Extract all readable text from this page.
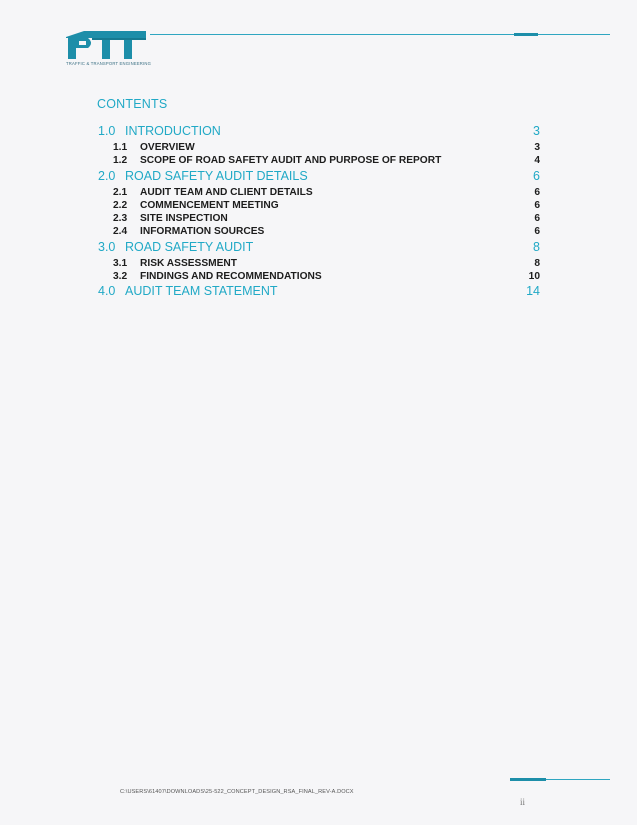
TRAFFIC & TRANSPORT ENGINEERING
CONTENTS
1.0 INTRODUCTION	3
1.1	OVERVIEW	3
1.2	SCOPE OF ROAD SAFETY AUDIT AND PURPOSE OF REPORT	4
2.0 ROAD SAFETY AUDIT DETAILS	6
2.1	AUDIT TEAM AND CLIENT DETAILS	6
2.2	COMMENCEMENT MEETING	6
2.3	SITE INSPECTION	6
2.4	INFORMATION SOURCES	6
3.0 ROAD SAFETY AUDIT	8
3.1	RISK ASSESSMENT	8
3.2	FINDINGS AND RECOMMENDATIONS	10
4.0 AUDIT TEAM STATEMENT	14
C:\USERS\61407\DOWNLOADS\25-522_CONCEPT_DESIGN_RSA_FINAL_REV-A.DOCX
ii
